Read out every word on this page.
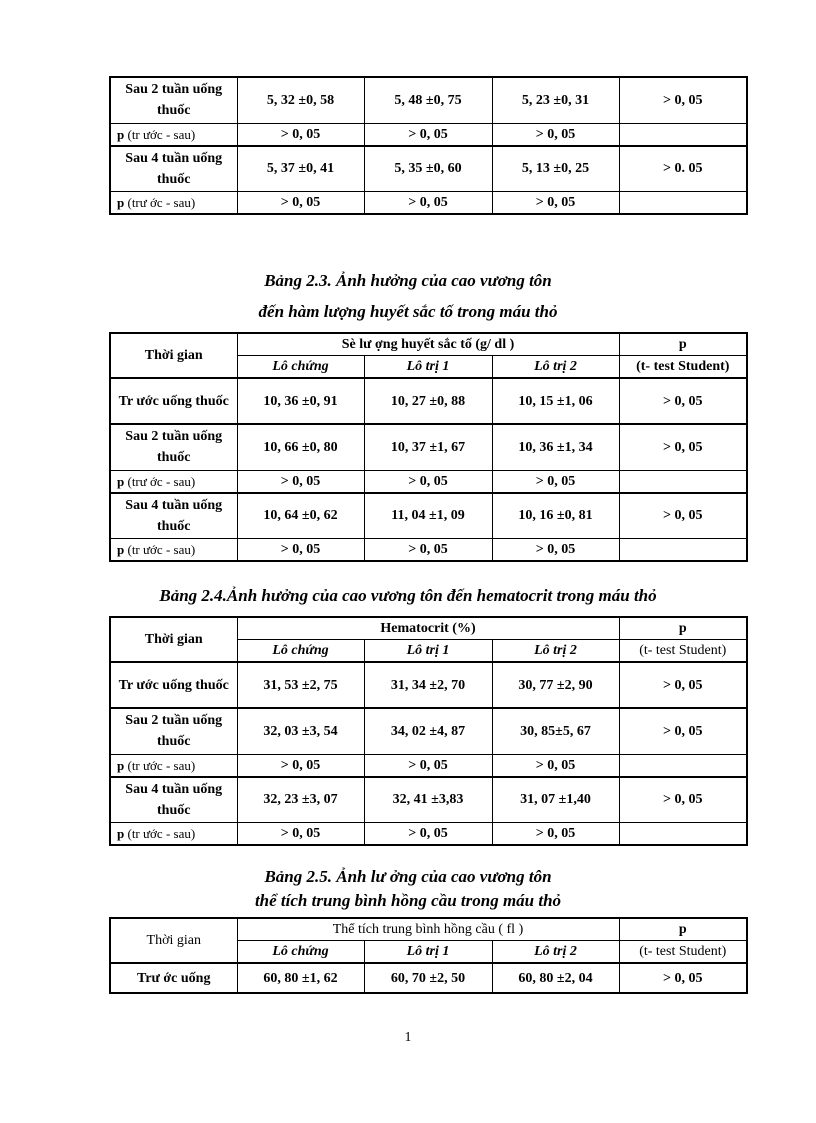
Sau 2 tuần uống thuốc	5, 32 ±0, 58	5, 48 ±0, 75	5, 23 ±0, 31	> 0, 05
p (tr ước - sau)	> 0, 05	> 0, 05	> 0, 05	
Sau 4 tuần uống thuốc	5, 37 ±0, 41	5, 35 ±0, 60	5, 13 ±0, 25	> 0. 05
p (trư ớc - sau)	> 0, 05	> 0, 05	> 0, 05	
Bảng 2.3. Ảnh hưởng của cao vương tôn
đến hàm lượng huyết sắc tố trong máu thỏ
Thời gian	Sè lư ợng huyết sắc tố (g/ dl )			p
	Lô chứng	Lô trị 1	Lô trị 2	(t- test Student)
Tr ước uống thuốc	10, 36 ±0, 91	10, 27 ±0, 88	10, 15 ±1, 06	> 0, 05
Sau 2 tuần uống thuốc	10, 66 ±0, 80	10, 37 ±1, 67	10, 36 ±1, 34	> 0, 05
p (trư ớc - sau)	> 0, 05	> 0, 05	> 0, 05	
Sau 4 tuần uống thuốc	10, 64 ±0, 62	11, 04 ±1, 09	10, 16 ±0, 81	> 0, 05
p (tr ước - sau)	> 0, 05	> 0, 05	> 0, 05	
Bảng 2.4.Ảnh hưởng của cao vương tôn đến hematocrit trong máu thỏ
Thời gian	Hematocrit (%)			p
	Lô chứng	Lô trị 1	Lô trị 2	(t- test Student)
Tr ước uống thuốc	31, 53 ±2, 75	31, 34 ±2, 70	30, 77 ±2, 90	> 0, 05
Sau 2 tuần uống thuốc	32, 03 ±3, 54	34, 02 ±4, 87	30, 85±5, 67	> 0, 05
p (tr ước - sau)	> 0, 05	> 0, 05	> 0, 05	
Sau 4 tuần uống thuốc	32, 23 ±3, 07	32, 41 ±3,83	31, 07 ±1,40	> 0, 05
p (tr ước - sau)	> 0, 05	> 0, 05	> 0, 05	
Bảng 2.5. Ảnh lư ởng của cao vương tôn
thể tích trung bình hồng cầu trong máu thỏ
Thời gian	Thể tích trung bình hồng cầu ( fl )			p
	Lô chứng	Lô trị 1	Lô trị 2	(t- test Student)
Trư ớc uống	60, 80 ±1, 62	60, 70 ±2, 50	60, 80 ±2, 04	> 0, 05
1
